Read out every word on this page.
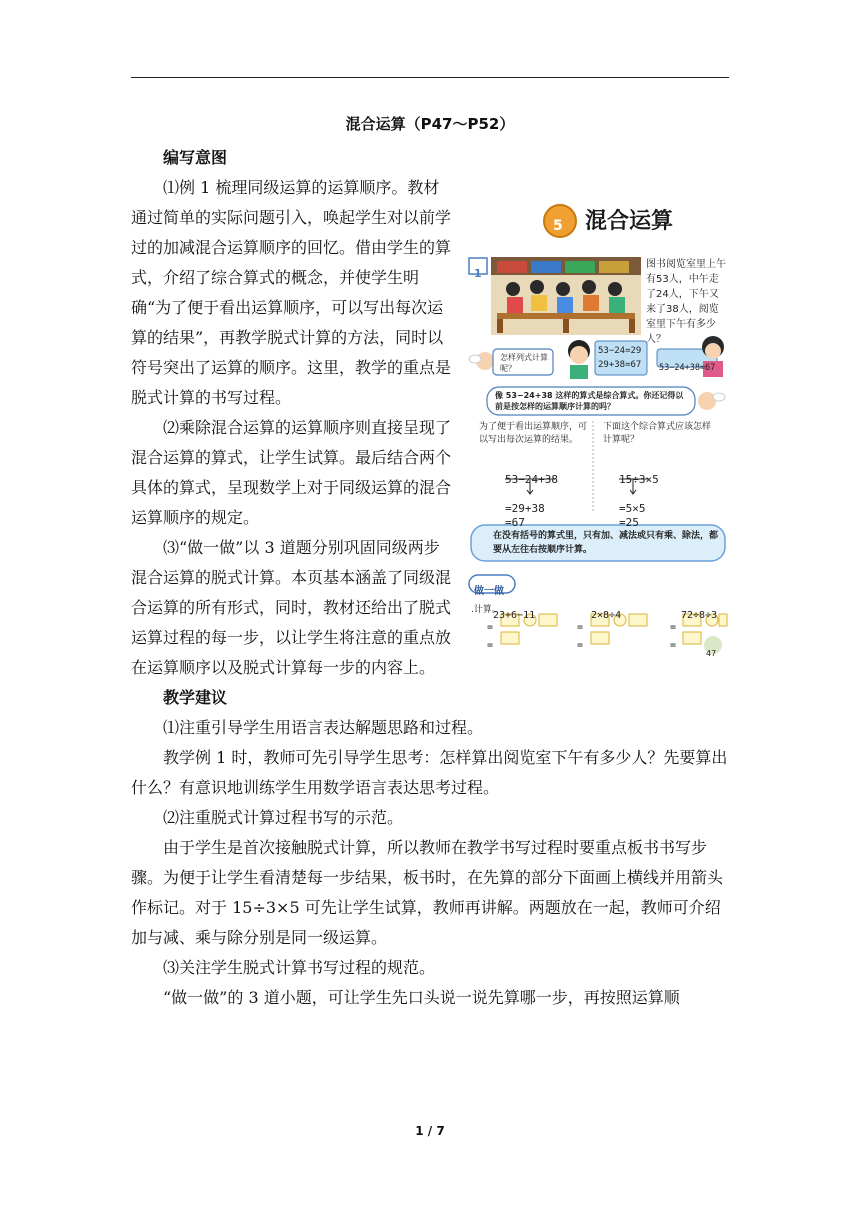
混合运算（P47～P52）
编写意图
5 混合运算
1
图书阅览室里上午有53人，中午走了24人，下午又来了38人，阅览室里下午有多少人？
怎样列式计算呢？
53−24=29
29+38=67 53−24+38=67
像 53−24+38 这样的算式是综合算式。你还记得以前是按怎样的运算顺序计算的吗？
为了便于看出运算顺序，可以写出每次运算的结果。
下面这个综合算式应该怎样计算呢？
53−24+38
=29+38
=67
15÷3×5
=5×5
=25
在没有括号的算式里，只有加、减法或只有乘、除法，都要从左往右按顺序计算。
做一做
.计算。
23+6−11	2×8÷4	72÷8÷3
=
=
=
=
=
=
47

⑴例 1 梳理同级运算的运算顺序。教材通过简单的实际问题引入，唤起学生对以前学过的加减混合运算顺序的回忆。借由学生的算式，介绍了综合算式的概念，并使学生明确“为了便于看出运算顺序，可以写出每次运算的结果”，再教学脱式计算的方法，同时以符号突出了运算的顺序。这里，教学的重点是脱式计算的书写过程。

⑵乘除混合运算的运算顺序则直接呈现了混合运算的算式，让学生试算。最后结合两个具体的算式，呈现数学上对于同级运算的混合运算顺序的规定。

⑶“做一做”以 3 道题分别巩固同级两步混合运算的脱式计算。本页基本涵盖了同级混合运算的所有形式，同时，教材还给出了脱式运算过程的每一步，以让学生将注意的重点放在运算顺序以及脱式计算每一步的内容上。

教学建议

⑴注重引导学生用语言表达解题思路和过程。

教学例 1 时，教师可先引导学生思考：怎样算出阅览室下午有多少人？先要算出什么？有意识地训练学生用数学语言表达思考过程。

⑵注重脱式计算过程书写的示范。

由于学生是首次接触脱式计算，所以教师在教学书写过程时要重点板书书写步骤。为便于让学生看清楚每一步结果，板书时，在先算的部分下面画上横线并用箭头作标记。对于 15÷3×5 可先让学生试算，教师再讲解。两题放在一起，教师可介绍加与减、乘与除分别是同一级运算。

⑶关注学生脱式计算书写过程的规范。

“做一做”的 3 道小题，可让学生先口头说一说先算哪一步，再按照运算顺

1 / 7
